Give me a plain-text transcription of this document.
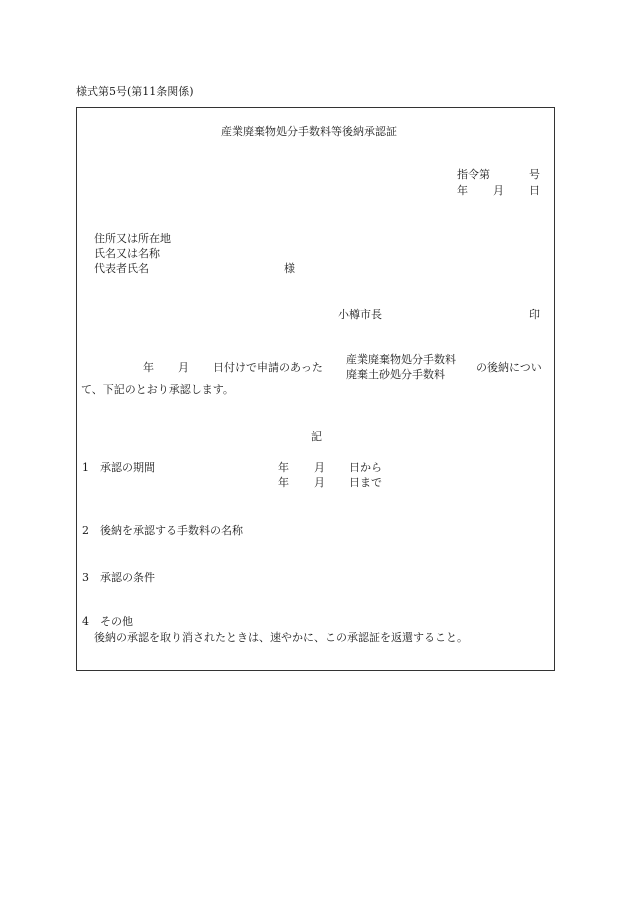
様式第5号(第11条関係)
産業廃棄物処分手数料等後納承認証
指令第	号
年 月 日
住所又は所在地
氏名又は名称
代表者氏名	様
小樽市長	印
年 月 日付けで申請のあった
産業廃棄物処分手数料
廃棄土砂処分手数料
の後納につい
て、下記のとおり承認します。
記
1 承認の期間	年 月 日から
年 月 日まで
2 後納を承認する手数料の名称
3 承認の条件
4 その他
後納の承認を取り消されたときは、速やかに、この承認証を返還すること。
